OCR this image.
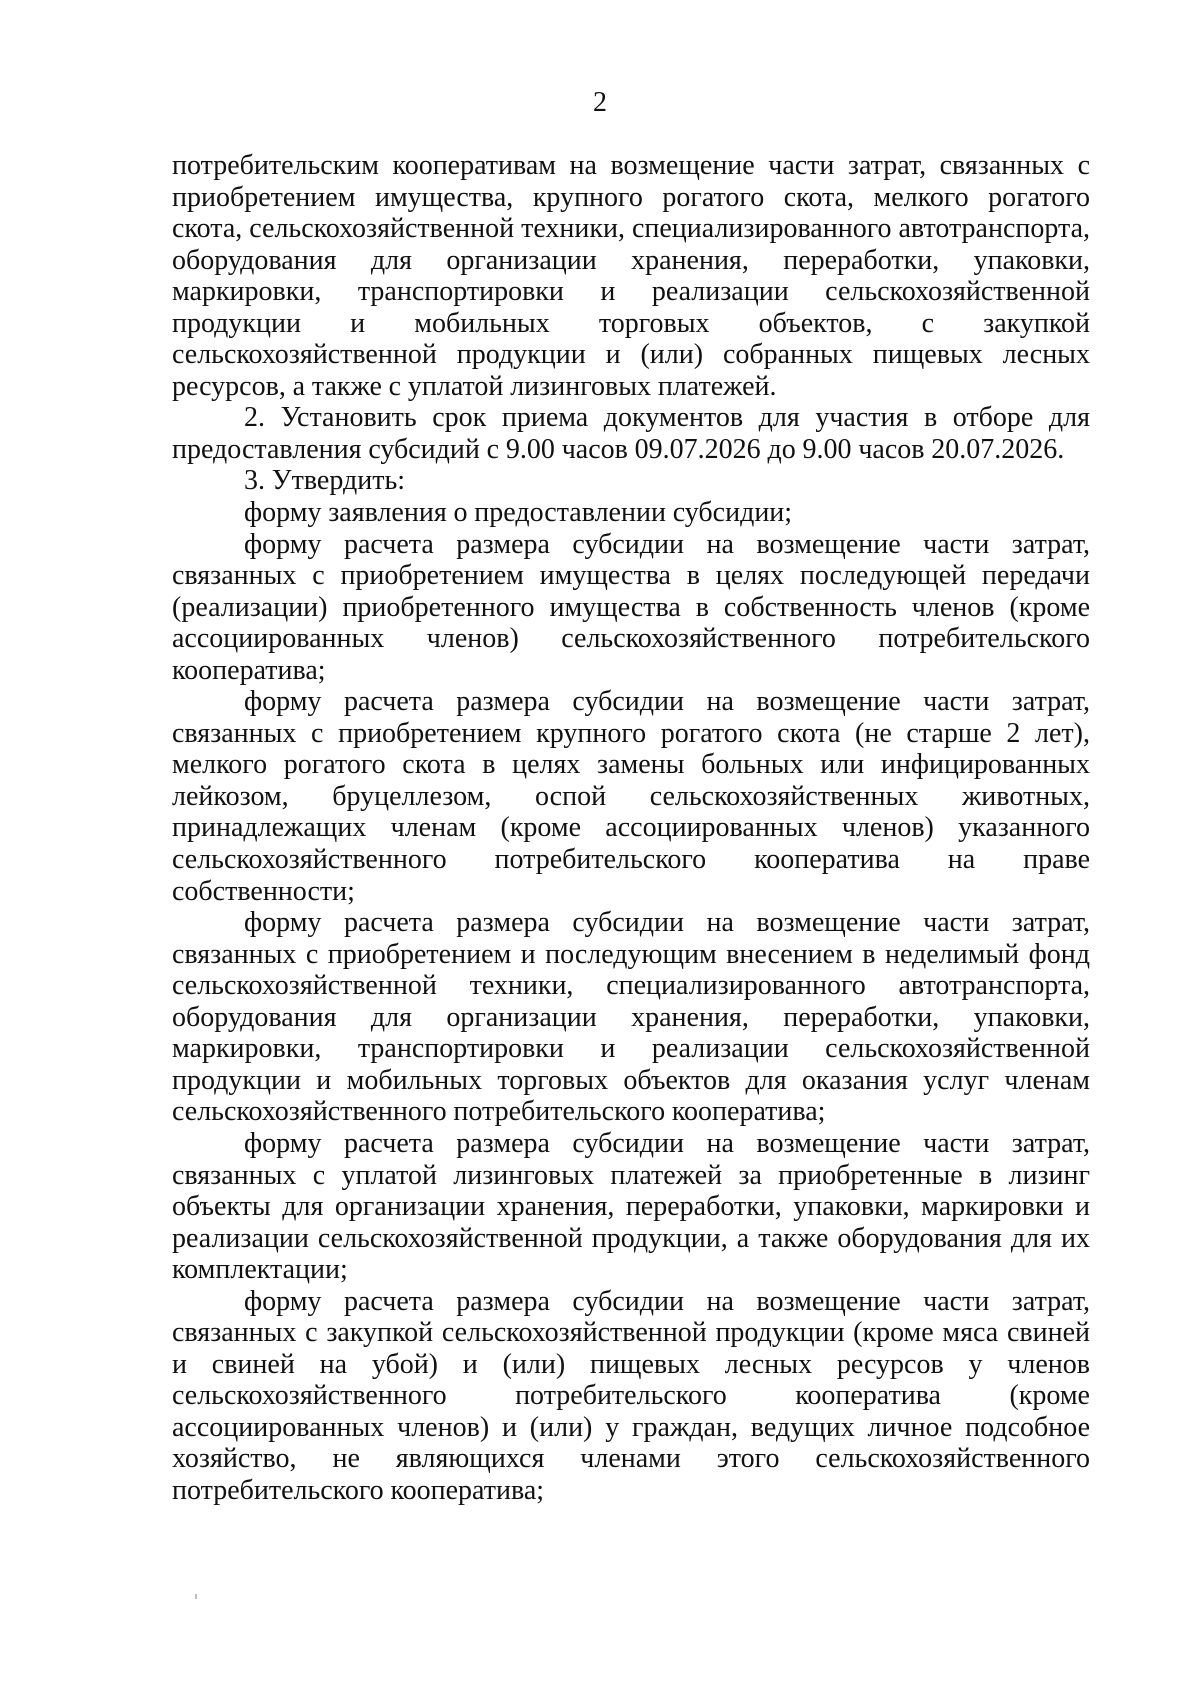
2

потребительским кооперативам на возмещение части затрат, связанных с приобретением имущества, крупного рогатого скота, мелкого рогатого скота, сельскохозяйственной техники, специализированного автотранспорта, оборудования для организации хранения, переработки, упаковки, маркировки, транспортировки и реализации сельскохозяйственной продукции и мобильных торговых объектов, с закупкой сельскохозяйственной продукции и (или) собранных пищевых лесных ресурсов, а также с уплатой лизинговых платежей.

2. Установить срок приема документов для участия в отборе для предоставления субсидий с 9.00 часов 09.07.2026 до 9.00 часов 20.07.2026.

3. Утвердить:

форму заявления о предоставлении субсидии;

форму расчета размера субсидии на возмещение части затрат, связанных с приобретением имущества в целях последующей передачи (реализации) приобретенного имущества в собственность членов (кроме ассоциированных членов) сельскохозяйственного потребительского кооператива;

форму расчета размера субсидии на возмещение части затрат, связанных с приобретением крупного рогатого скота (не старше 2 лет), мелкого рогатого скота в целях замены больных или инфицированных лейкозом, бруцеллезом, оспой сельскохозяйственных животных, принадлежащих членам (кроме ассоциированных членов) указанного сельскохозяйственного потребительского кооператива на праве собственности;

форму расчета размера субсидии на возмещение части затрат, связанных с приобретением и последующим внесением в неделимый фонд сельскохозяйственной техники, специализированного автотранспорта, оборудования для организации хранения, переработки, упаковки, маркировки, транспортировки и реализации сельскохозяйственной продукции и мобильных торговых объектов для оказания услуг членам сельскохозяйственного потребительского кооператива;

форму расчета размера субсидии на возмещение части затрат, связанных с уплатой лизинговых платежей за приобретенные в лизинг объекты для организации хранения, переработки, упаковки, маркировки и реализации сельскохозяйственной продукции, а также оборудования для их комплектации;

форму расчета размера субсидии на возмещение части затрат, связанных с закупкой сельскохозяйственной продукции (кроме мяса свиней и свиней на убой) и (или) пищевых лесных ресурсов у членов сельскохозяйственного потребительского кооператива (кроме ассоциированных членов) и (или) у граждан, ведущих личное подсобное хозяйство, не являющихся членами этого сельскохозяйственного потребительского кооператива;
